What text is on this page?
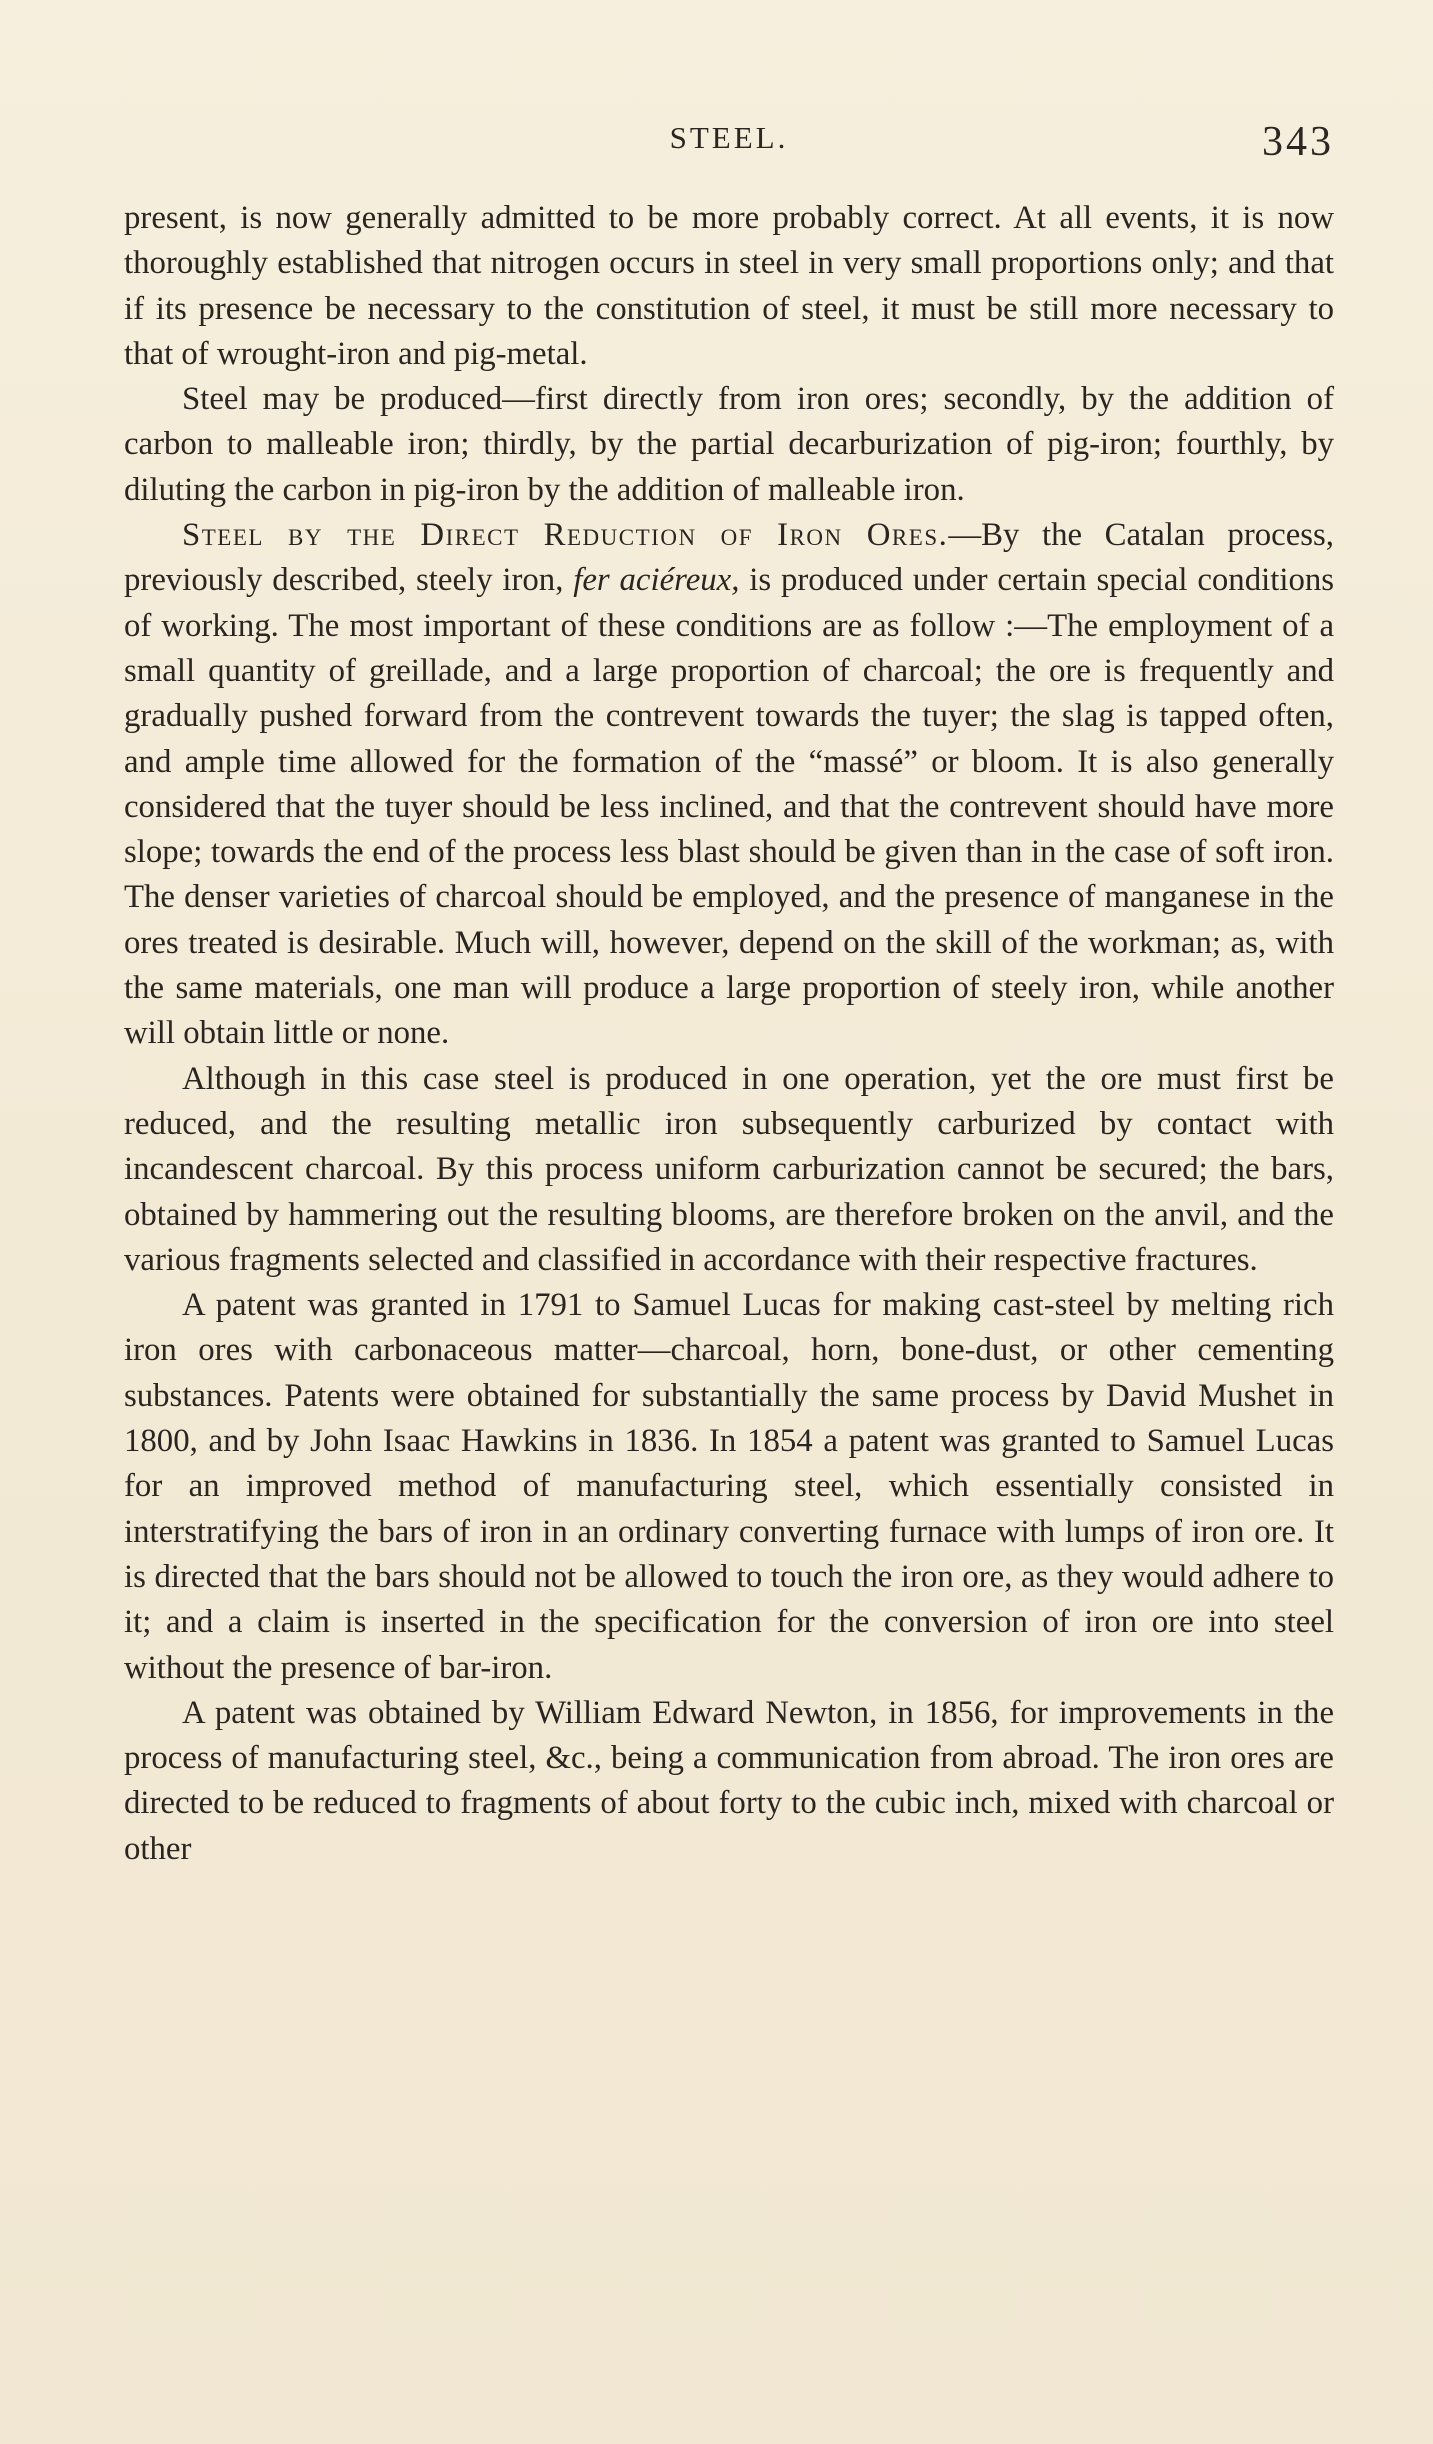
STEEL.	343

present, is now generally admitted to be more probably correct. At all events, it is now thoroughly established that nitrogen occurs in steel in very small proportions only; and that if its presence be necessary to the constitution of steel, it must be still more necessary to that of wrought-iron and pig-metal.

Steel may be produced—first directly from iron ores; secondly, by the addition of carbon to malleable iron; thirdly, by the partial decarburization of pig-iron; fourthly, by diluting the carbon in pig-iron by the addition of malleable iron.

Steel by the Direct Reduction of Iron Ores.—By the Catalan process, previously described, steely iron, fer aciéreux, is produced under certain special conditions of working. The most important of these conditions are as follow :—The employment of a small quantity of greillade, and a large proportion of charcoal; the ore is frequently and gradually pushed forward from the contrevent towards the tuyer; the slag is tapped often, and ample time allowed for the formation of the “massé” or bloom. It is also generally considered that the tuyer should be less inclined, and that the contrevent should have more slope; towards the end of the process less blast should be given than in the case of soft iron. The denser varieties of charcoal should be employed, and the presence of manganese in the ores treated is desirable. Much will, however, depend on the skill of the workman; as, with the same materials, one man will produce a large proportion of steely iron, while another will obtain little or none.

Although in this case steel is produced in one operation, yet the ore must first be reduced, and the resulting metallic iron subsequently carburized by contact with incandescent charcoal. By this process uniform carburization cannot be secured; the bars, obtained by hammering out the resulting blooms, are therefore broken on the anvil, and the various fragments selected and classified in accordance with their respective fractures.

A patent was granted in 1791 to Samuel Lucas for making cast-steel by melting rich iron ores with carbonaceous matter—charcoal, horn, bone-dust, or other cementing substances. Patents were obtained for substantially the same process by David Mushet in 1800, and by John Isaac Hawkins in 1836. In 1854 a patent was granted to Samuel Lucas for an improved method of manufacturing steel, which essentially consisted in interstratifying the bars of iron in an ordinary converting furnace with lumps of iron ore. It is directed that the bars should not be allowed to touch the iron ore, as they would adhere to it; and a claim is inserted in the specification for the conversion of iron ore into steel without the presence of bar-iron.

A patent was obtained by William Edward Newton, in 1856, for improvements in the process of manufacturing steel, &c., being a communication from abroad. The iron ores are directed to be reduced to fragments of about forty to the cubic inch, mixed with charcoal or other
